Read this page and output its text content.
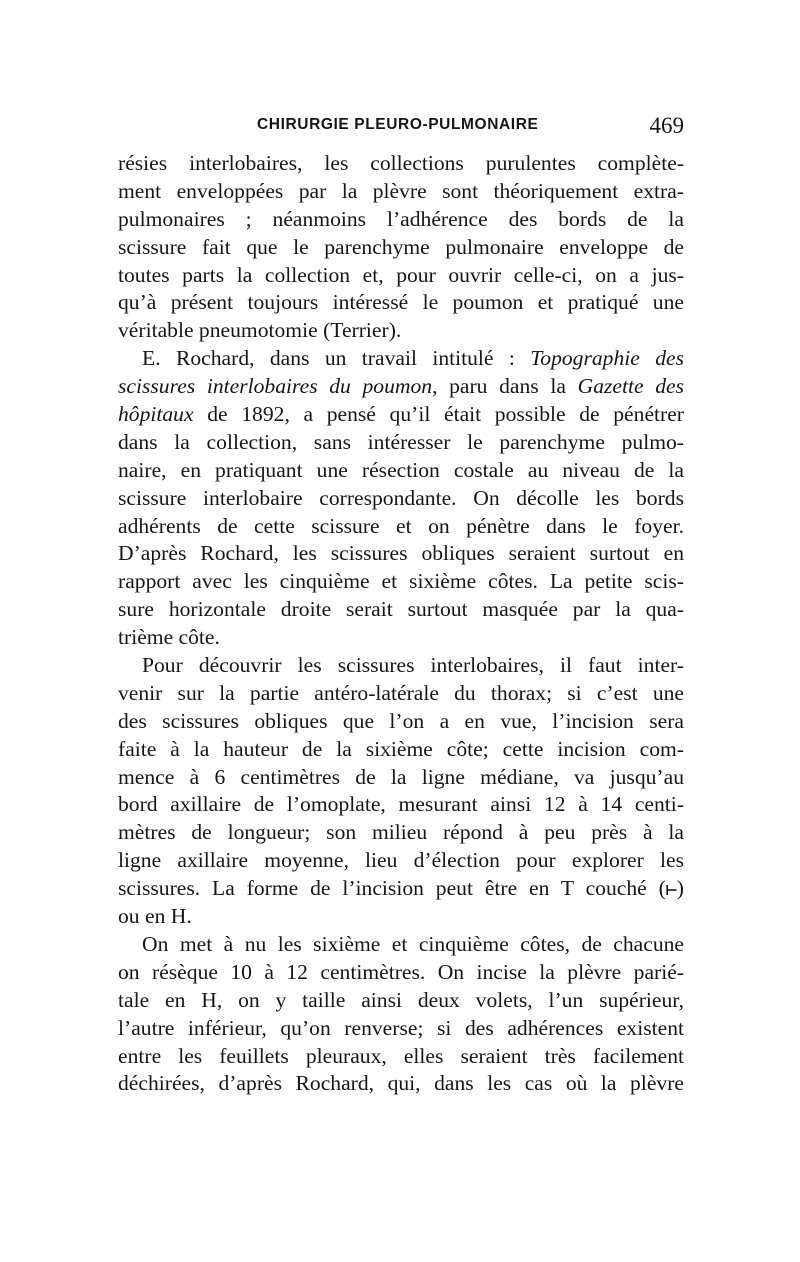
CHIRURGIE PLEURO-PULMONAIRE	469
résies interlobaires, les collections purulentes complète-
ment enveloppées par la plèvre sont théoriquement extra-
pulmonaires ; néanmoins l’adhérence des bords de la
scissure fait que le parenchyme pulmonaire enveloppe de
toutes parts la collection et, pour ouvrir celle-ci, on a jus-
qu’à présent toujours intéressé le poumon et pratiqué une
véritable pneumotomie (Terrier).
E. Rochard, dans un travail intitulé : Topographie des
scissures interlobaires du poumon, paru dans la Gazette des
hôpitaux de 1892, a pensé qu’il était possible de pénétrer
dans la collection, sans intéresser le parenchyme pulmo-
naire, en pratiquant une résection costale au niveau de la
scissure interlobaire correspondante. On décolle les bords
adhérents de cette scissure et on pénètre dans le foyer.
D’après Rochard, les scissures obliques seraient surtout en
rapport avec les cinquième et sixième côtes. La petite scis-
sure horizontale droite serait surtout masquée par la qua-
trième côte.
Pour découvrir les scissures interlobaires, il faut inter-
venir sur la partie antéro-latérale du thorax; si c’est une
des scissures obliques que l’on a en vue, l’incision sera
faite à la hauteur de la sixième côte; cette incision com-
mence à 6 centimètres de la ligne médiane, va jusqu’au
bord axillaire de l’omoplate, mesurant ainsi 12 à 14 centi-
mètres de longueur; son milieu répond à peu près à la
ligne axillaire moyenne, lieu d’élection pour explorer les
scissures. La forme de l’incision peut être en T couché ( )
ou en H.
On met à nu les sixième et cinquième côtes, de chacune
on résèque 10 à 12 centimètres. On incise la plèvre parié-
tale en H, on y taille ainsi deux volets, l’un supérieur,
l’autre inférieur, qu’on renverse; si des adhérences existent
entre les feuillets pleuraux, elles seraient très facilement
déchirées, d’après Rochard, qui, dans les cas où la plèvre
